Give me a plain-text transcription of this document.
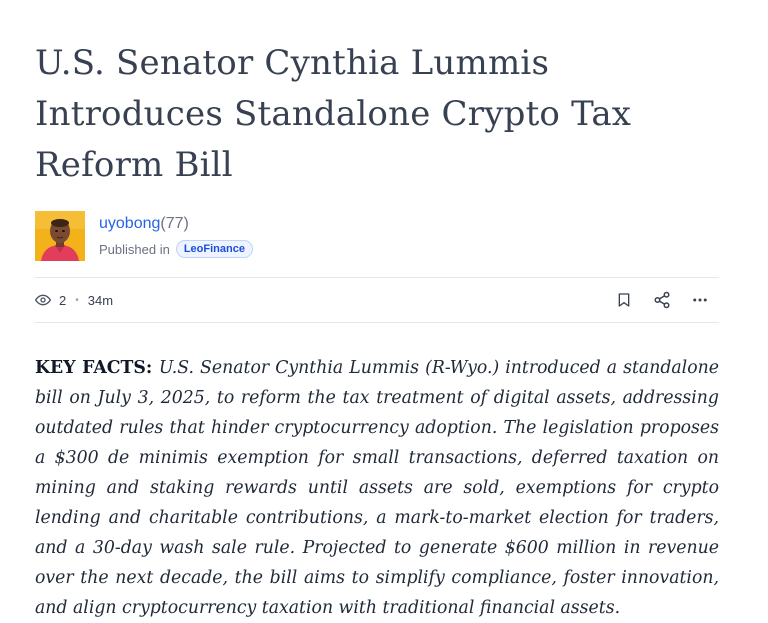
U.S. Senator Cynthia Lummis Introduces Standalone Crypto Tax Reform Bill
uyobong(77)
Published in	LeoFinance
2 • 34m

KEY FACTS: U.S. Senator Cynthia Lummis (R-Wyo.) introduced a standalone bill on July 3, 2025, to reform the tax treatment of digital assets, addressing outdated rules that hinder cryptocurrency adoption. The legislation proposes a $300 de minimis exemption for small transactions, deferred taxation on mining and staking rewards until assets are sold, exemptions for crypto lending and charitable contributions, a mark-to-market election for traders, and a 30-day wash sale rule. Projected to generate $600 million in revenue over the next decade, the bill aims to simplify compliance, foster innovation, and align cryptocurrency taxation with traditional financial assets.
